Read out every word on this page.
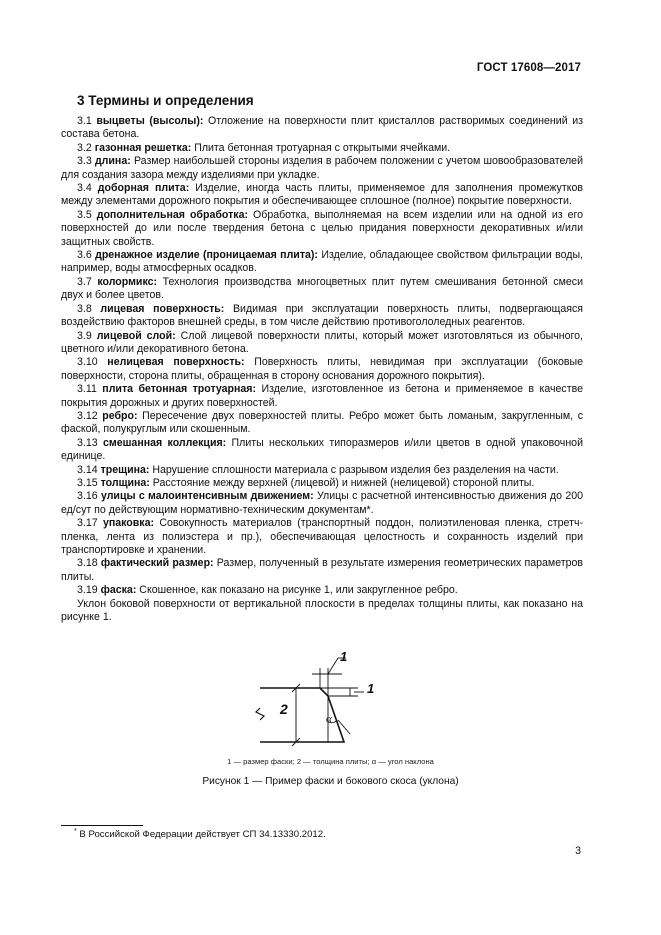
ГОСТ 17608—2017
3 Термины и определения

3.1 выцветы (высолы): Отложение на поверхности плит кристаллов растворимых соединений из состава бетона.

3.2 газонная решетка: Плита бетонная тротуарная с открытыми ячейками.

3.3 длина: Размер наибольшей стороны изделия в рабочем положении с учетом шовообразователей для создания зазора между изделиями при укладке.

3.4 доборная плита: Изделие, иногда часть плиты, применяемое для заполнения промежутков между элементами дорожного покрытия и обеспечивающее сплошное (полное) покрытие поверхности.

3.5 дополнительная обработка: Обработка, выполняемая на всем изделии или на одной из его поверхностей до или после твердения бетона с целью придания поверхности декоративных и/или защитных свойств.

3.6 дренажное изделие (проницаемая плита): Изделие, обладающее свойством фильтрации воды, например, воды атмосферных осадков.

3.7 колормикс: Технология производства многоцветных плит путем смешивания бетонной смеси двух и более цветов.

3.8 лицевая поверхность: Видимая при эксплуатации поверхность плиты, подвергающаяся воздействию факторов внешней среды, в том числе действию противогололедных реагентов.

3.9 лицевой слой: Слой лицевой поверхности плиты, который может изготовляться из обычного, цветного и/или декоративного бетона.

3.10 нелицевая поверхность: Поверхность плиты, невидимая при эксплуатации (боковые поверхности, сторона плиты, обращенная в сторону основания дорожного покрытия).

3.11 плита бетонная тротуарная: Изделие, изготовленное из бетона и применяемое в качестве покрытия дорожных и других поверхностей.

3.12 ребро: Пересечение двух поверхностей плиты. Ребро может быть ломаным, закругленным, с фаской, полукруглым или скошенным.

3.13 смешанная коллекция: Плиты нескольких типоразмеров и/или цветов в одной упаковочной единице.

3.14 трещина: Нарушение сплошности материала с разрывом изделия без разделения на части.

3.15 толщина: Расстояние между верхней (лицевой) и нижней (нелицевой) стороной плиты.

3.16 улицы с малоинтенсивным движением: Улицы с расчетной интенсивностью движения до 200 ед/сут по действующим нормативно-техническим документам*.

3.17 упаковка: Совокупность материалов (транспортный поддон, полиэтиленовая пленка, стретч-пленка, лента из полиэстера и пр.), обеспечивающая целостность и сохранность изделий при транспортировке и хранении.

3.18 фактический размер: Размер, полученный в результате измерения геометрических параметров плиты.

3.19 фаска: Скошенное, как показано на рисунке 1, или закругленное ребро.

Уклон боковой поверхности от вертикальной плоскости в пределах толщины плиты, как показано на рисунке 1.

2
1
1
α
1 — размер фаски; 2 — толщина плиты; α — угол наклона
Рисунок 1 — Пример фаски и бокового скоса (уклона)
* В Российской Федерации действует СП 34.13330.2012.
3
